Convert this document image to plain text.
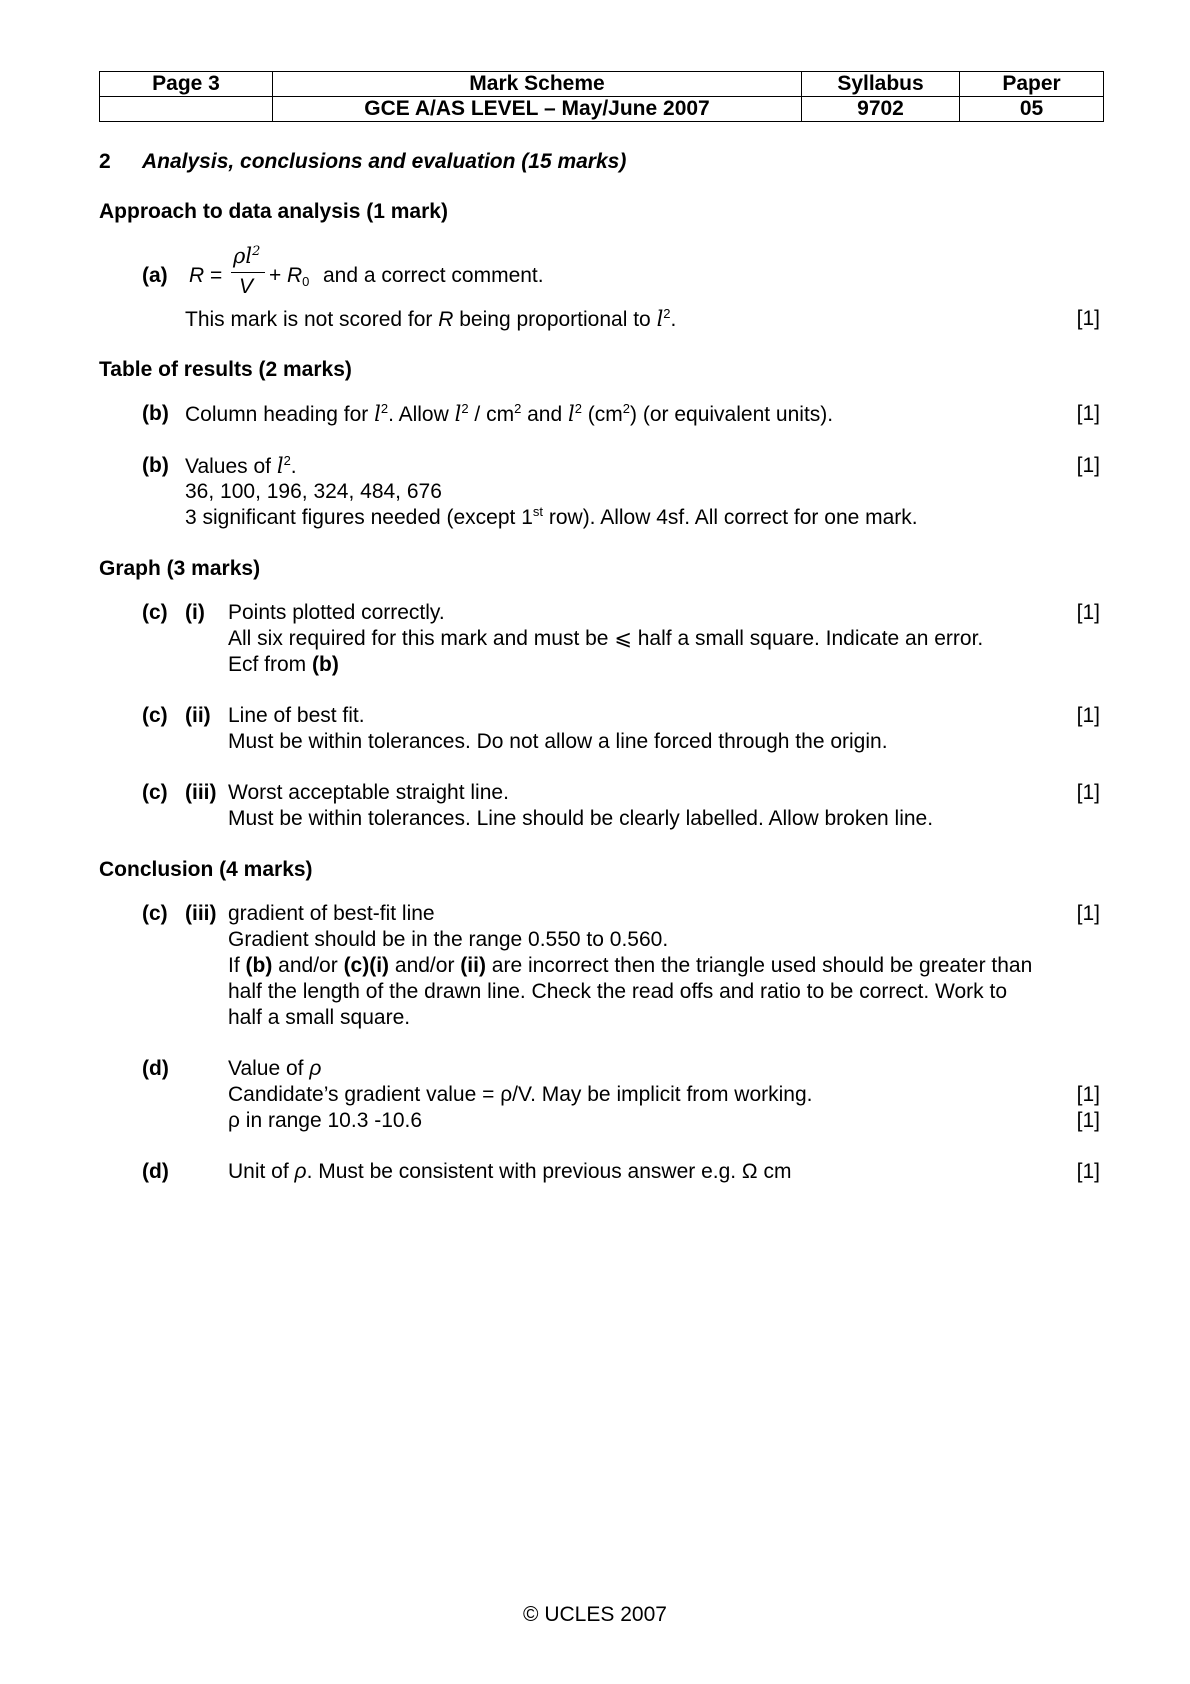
Page 3	Mark Scheme	Syllabus	Paper
	GCE A/AS LEVEL – May/June 2007	9702	05
2 Analysis, conclusions and evaluation (15 marks)
Approach to data analysis (1 mark)
(a) R =
$\rho l^2$
$V + R_0$ and a correct comment.
This mark is not scored for R being proportional to $l^2$.	[1]
Table of results (2 marks)
(b) Column heading for $l^2$. Allow $l^2 / cm^2$ and $l^2$ $(cm^2)$ (or equivalent units).	[1]
(b) Values of $l^2$.	[1]
36, 100, 196, 324, 484, 676
3 significant figures needed (except 1st row). Allow 4sf. All correct for one mark.
Graph (3 marks)
(c) (i) Points plotted correctly.	[1]
All six required for this mark and must be ⩽ half a small square. Indicate an error.
Ecf from (b)
(c) (ii) Line of best fit.	[1]
Must be within tolerances. Do not allow a line forced through the origin.
(c) (iii) Worst acceptable straight line.	[1]
Must be within tolerances. Line should be clearly labelled. Allow broken line.
Conclusion (4 marks)
(c) (iii) gradient of best-fit line	[1]
Gradient should be in the range 0.550 to 0.560.
If (b) and/or (c)(i) and/or (ii) are incorrect then the triangle used should be greater than
half the length of the drawn line. Check the read offs and ratio to be correct. Work to
half a small square.
(d)	Value of ρ
Candidate’s gradient value = ρ/V. May be implicit from working.	[1]
ρ in range 10.3 -10.6	[1]
(d)	Unit of ρ. Must be consistent with previous answer e.g. Ω cm	[1]
© UCLES 2007
